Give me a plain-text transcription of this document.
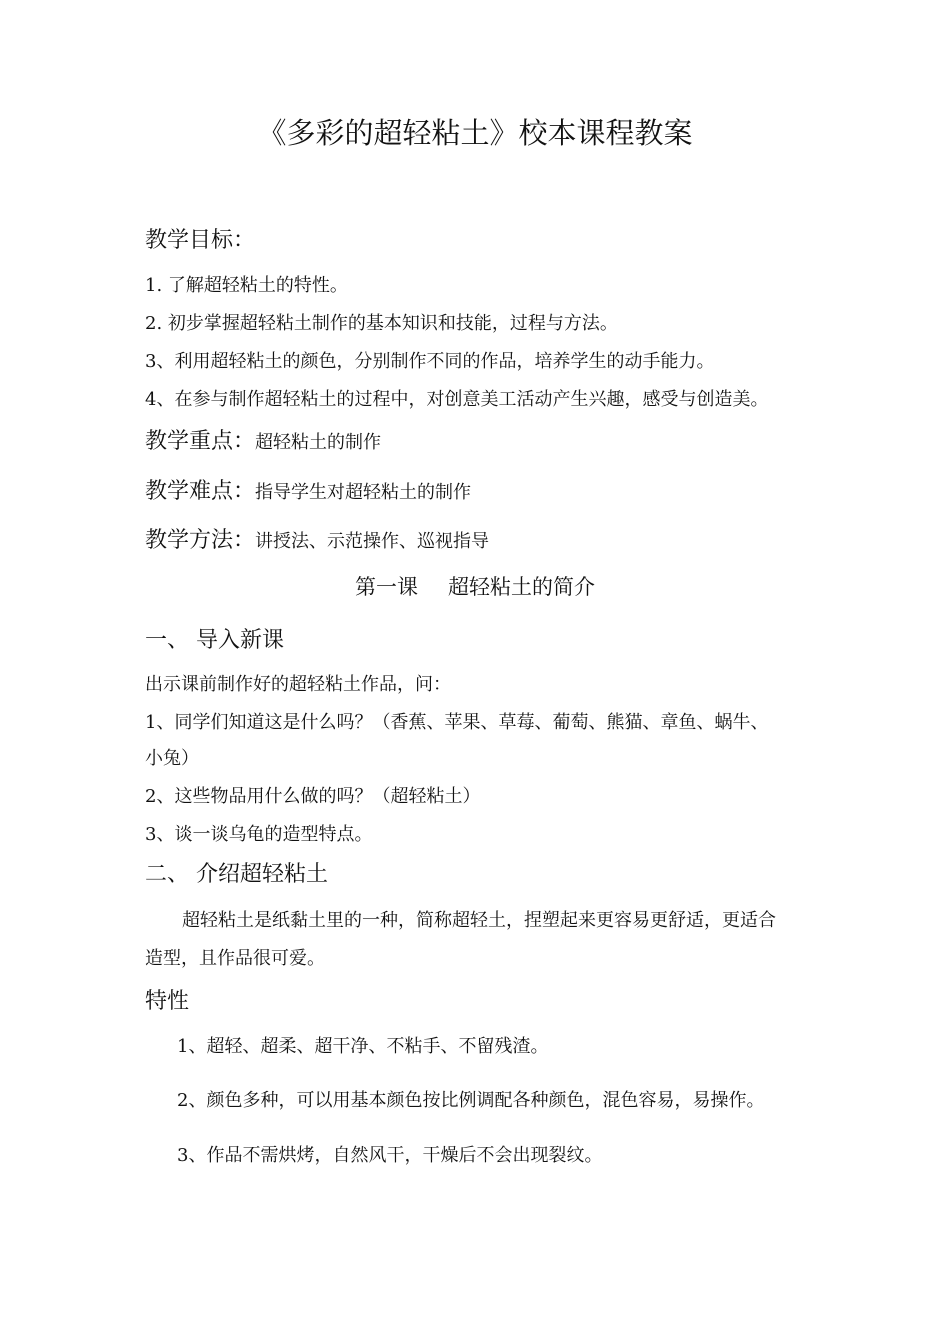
《多彩的超轻粘土》校本课程教案
教学目标：
1. 了解超轻粘土的特性。
2. 初步掌握超轻粘土制作的基本知识和技能，过程与方法。
3、利用超轻粘土的颜色，分别制作不同的作品，培养学生的动手能力。
4、在参与制作超轻粘土的过程中，对创意美工活动产生兴趣，感受与创造美。
教学重点：超轻粘土的制作
教学难点：指导学生对超轻粘土的制作
教学方法：讲授法、示范操作、巡视指导
第一课 超轻粘土的简介
一、 导入新课
出示课前制作好的超轻粘土作品，问：
1、同学们知道这是什么吗？（香蕉、苹果、草莓、葡萄、熊猫、章鱼、蜗牛、
小兔）
2、这些物品用什么做的吗？（超轻粘土）
3、谈一谈乌龟的造型特点。
二、 介绍超轻粘土
超轻粘土是纸黏土里的一种，简称超轻土，捏塑起来更容易更舒适，更适合
造型，且作品很可爱。
特性
1、超轻、超柔、超干净、不粘手、不留残渣。
2、颜色多种，可以用基本颜色按比例调配各种颜色，混色容易，易操作。
3、作品不需烘烤，自然风干，干燥后不会出现裂纹。
